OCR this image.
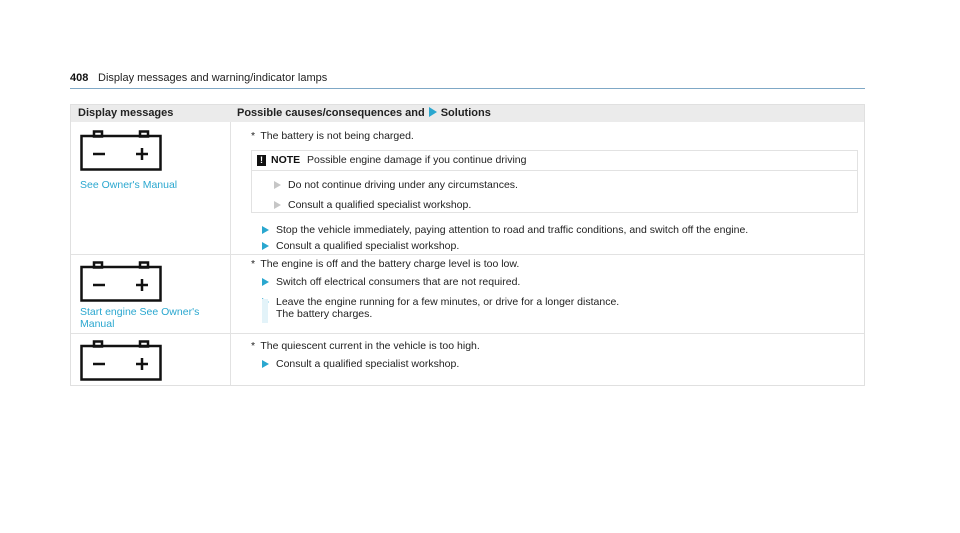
408 Display messages and warning/indicator lamps
Display messages	Possible causes/consequences and Solutions
See Owner's Manual
* The battery is not being charged.
! NOTE Possible engine damage if you continue driving
Do not continue driving under any circumstances.
Consult a qualified specialist workshop.
Stop the vehicle immediately, paying attention to road and traffic conditions, and switch off the engine.
Consult a qualified specialist workshop.
Start engine See Owner's
Manual
* The engine is off and the battery charge level is too low.
Switch off electrical consumers that are not required.
Leave the engine running for a few minutes, or drive for a longer distance.
The battery charges.
* The quiescent current in the vehicle is too high.
Consult a qualified specialist workshop.
